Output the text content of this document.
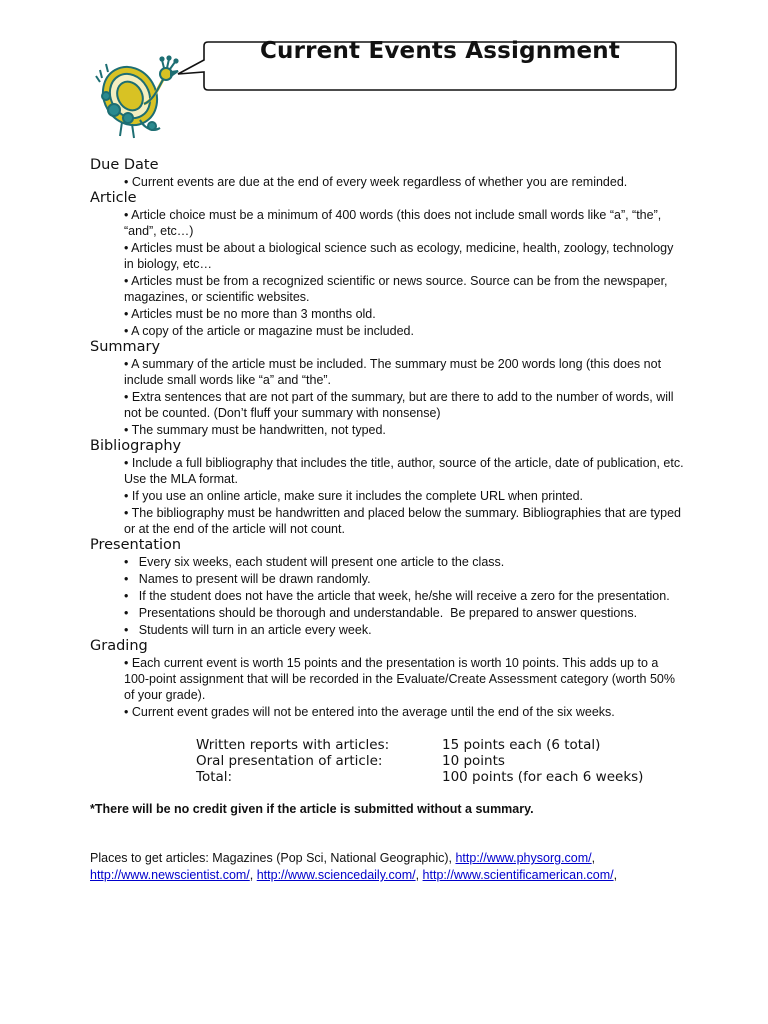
Current Events Assignment
Due Date
• Current events are due at the end of every week regardless of whether you are reminded.
Article
• Article choice must be a minimum of 400 words (this does not include small words like “a”, “the”, “and”, etc…)
• Articles must be about a biological science such as ecology, medicine, health, zoology, technology in biology, etc…
• Articles must be from a recognized scientific or news source. Source can be from the newspaper, magazines, or scientific websites.
• Articles must be no more than 3 months old.
• A copy of the article or magazine must be included.
Summary
• A summary of the article must be included. The summary must be 200 words long (this does not include small words like “a” and “the”.
• Extra sentences that are not part of the summary, but are there to add to the number of words, will not be counted. (Don’t fluff your summary with nonsense)
• The summary must be handwritten, not typed.
Bibliography
• Include a full bibliography that includes the title, author, source of the article, date of publication, etc. Use the MLA format.
• If you use an online article, make sure it includes the complete URL when printed.
• The bibliography must be handwritten and placed below the summary. Bibliographies that are typed or at the end of the article will not count.
Presentation
•   Every six weeks, each student will present one article to the class.
•   Names to present will be drawn randomly.
•   If the student does not have the article that week, he/she will receive a zero for the presentation.
•   Presentations should be thorough and understandable.  Be prepared to answer questions.
•   Students will turn in an article every week.
Grading
• Each current event is worth 15 points and the presentation is worth 10 points. This adds up to a 100-point assignment that will be recorded in the Evaluate/Create Assessment category (worth 50% of your grade).
• Current event grades will not be entered into the average until the end of the six weeks.
Written reports with articles:	15 points each (6 total)
Oral presentation of article:	10 points
Total:	100 points (for each 6 weeks)
*There will be no credit given if the article is submitted without a summary.
Places to get articles: Magazines (Pop Sci, National Geographic), http://www.physorg.com/, http://www.newscientist.com/, http://www.sciencedaily.com/, http://www.scientificamerican.com/,
